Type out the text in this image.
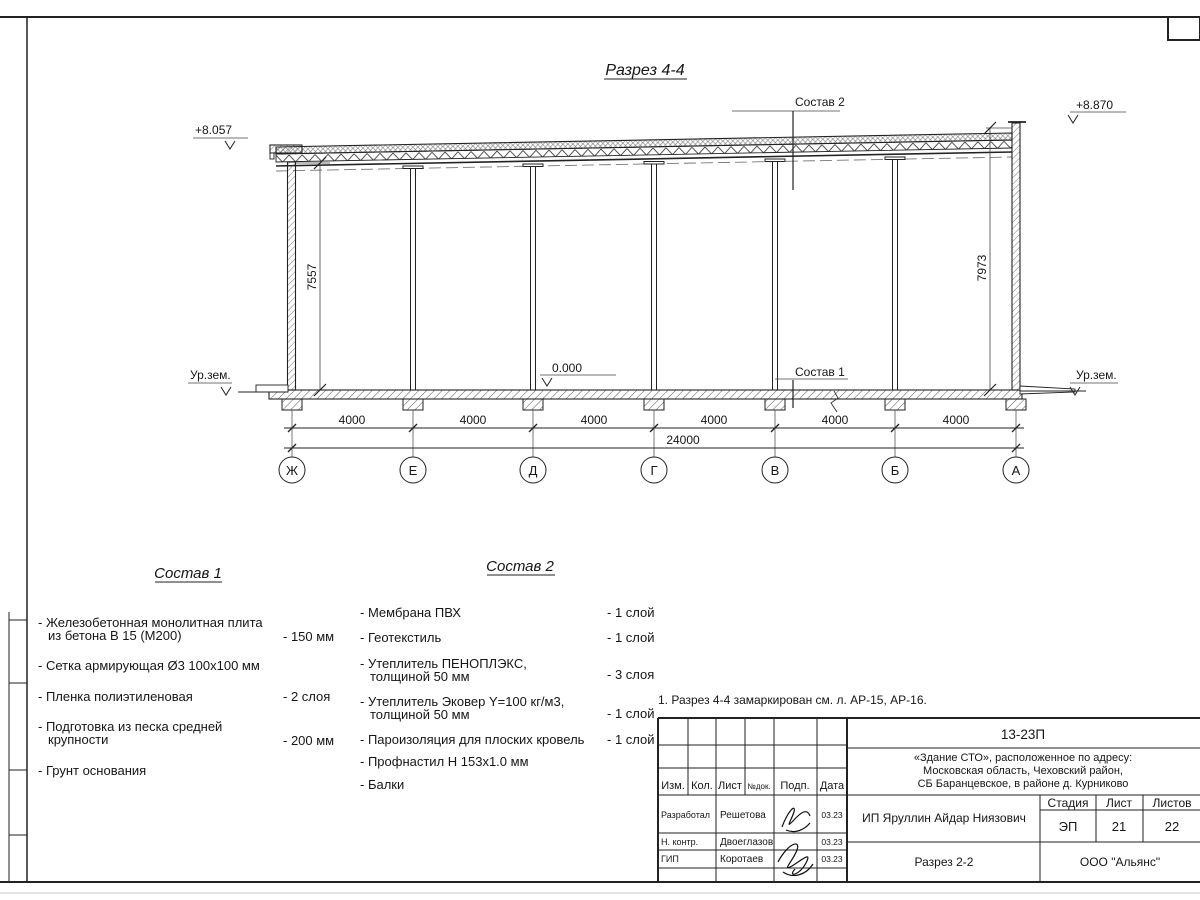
Разрез 4-4
+8.057
+8.870
Ур.зем.	Ур.зем.
0.000
Состав 2
Состав 1
7557	7973
4000	4000	4000	4000	4000	4000
24000
Ж	Е	Д	Г	В	Б	А
Состав 1
- Железобетонная монолитная плита
из бетона В 15 (М200)	- 150 мм
- Сетка армирующая Ø3 100х100 мм
- Пленка полиэтиленовая	- 2 слоя
- Подготовка из песка средней
крупности	- 200 мм
- Грунт основания
Состав 2
- Мембрана ПВХ	- 1 слой
- Геотекстиль	- 1 слой
- Утеплитель ПЕНОПЛЭКС,
толщиной 50 мм	- 3 слоя
- Утеплитель Эковер Y=100 кг/м3,
толщиной 50 мм	- 1 слой
- Пароизоляция для плоских кровель - 1 слой
- Профнастил Н 153х1.0 мм
- Балки
1. Разрез 4-4 замаркирован см. л. АР-15, АР-16.
Изм. Кол. Лист №док. Подп. Дата
Разработал Решетова	03.23
Н. контр. Двоеглазов	03.23
ГИП	Коротаев	03.23
13-23П
«Здание СТО», расположенное по адресу:
Московская область, Чеховский район,
СБ Баранцевское, в районе д. Курниково
ИП Яруллин Айдар Ниязович
Стадия Лист Листов
ЭП	21	22
Разрез 2-2	ООО "Альянс"
